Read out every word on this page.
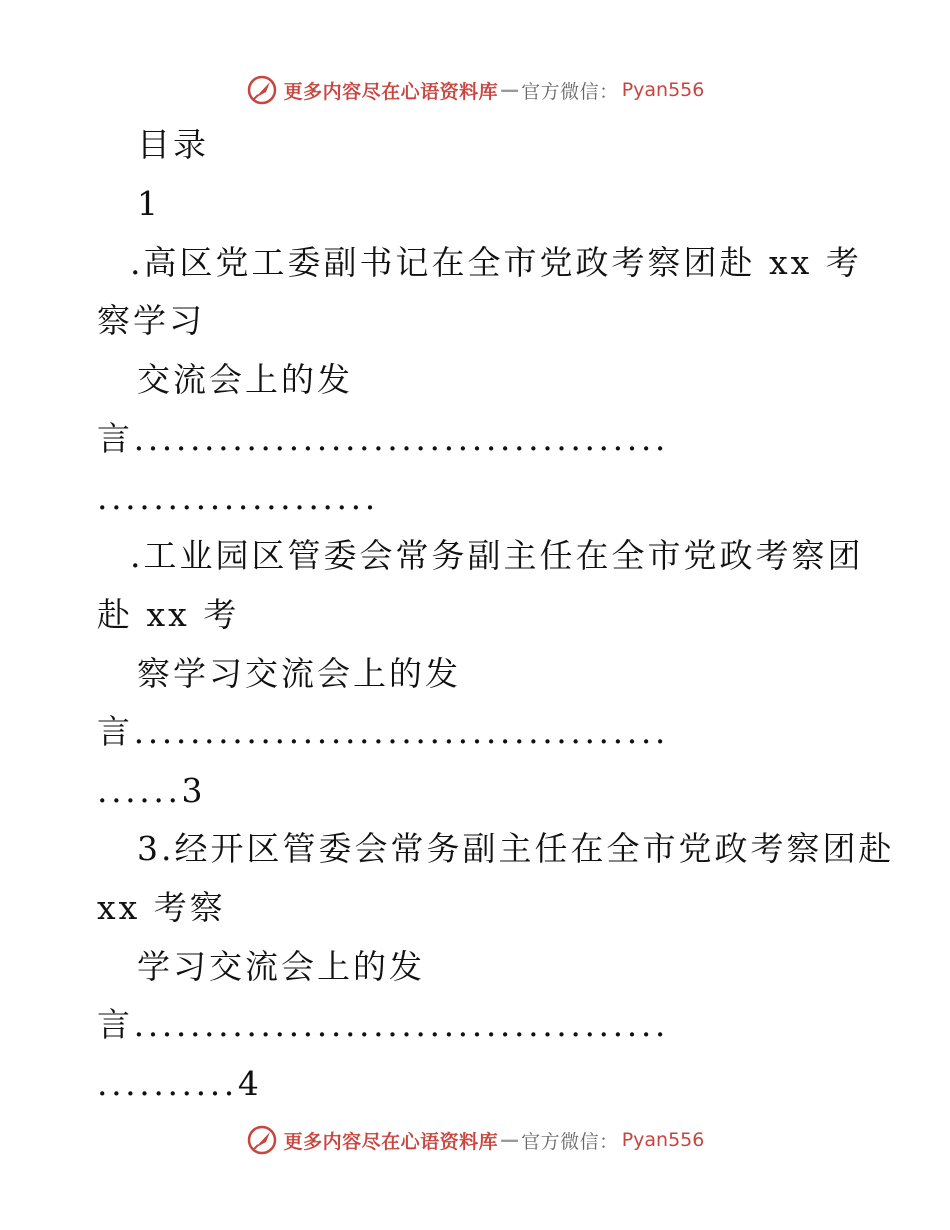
更多内容尽在心语资料库 — 官方微信： Pyan556
目录
1
.高区党工委副书记在全市党政考察团赴 xx 考
察学习
交流会上的发
言......................................
....................
.工业园区管委会常务副主任在全市党政考察团
赴 xx 考
察学习交流会上的发
言......................................
......3
3.经开区管委会常务副主任在全市党政考察团赴
xx 考察
学习交流会上的发
言......................................
..........4
更多内容尽在心语资料库 — 官方微信： Pyan556
